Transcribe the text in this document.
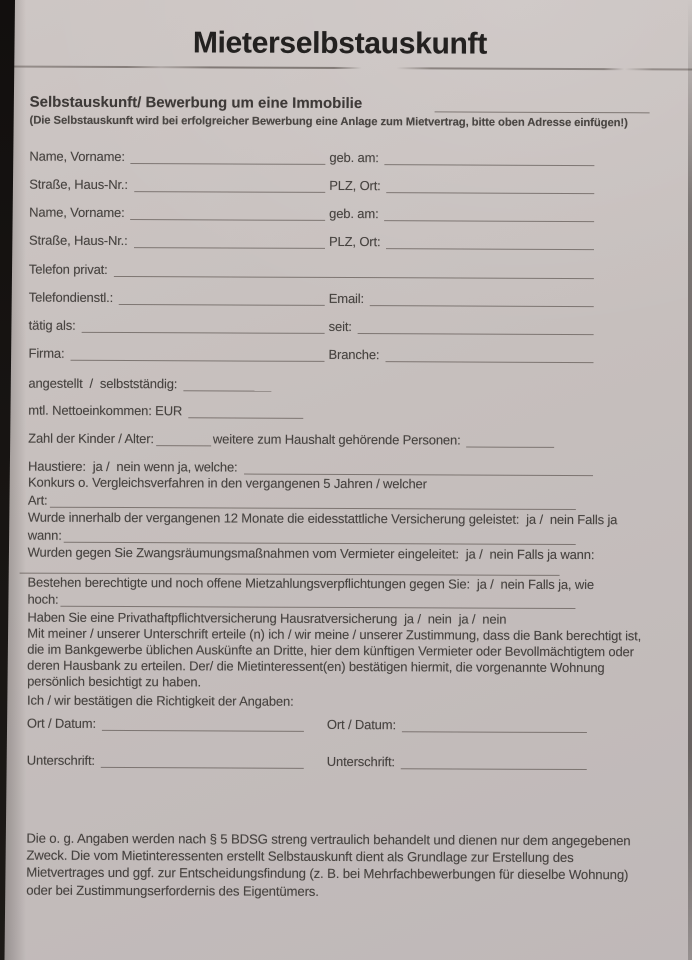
Mieterselbstauskunft
Selbstauskunft/ Bewerbung um eine Immobilie
(Die Selbstauskunft wird bei erfolgreicher Bewerbung eine Anlage zum Mietvertrag, bitte oben Adresse einfügen!)
Name, Vorname:	geb. am:
Straße, Haus-Nr.:	PLZ, Ort:
Name, Vorname:	geb. am:
Straße, Haus-Nr.:	PLZ, Ort:
Telefon privat:
Telefondienstl.:	Email:
tätig als:	seit:
Firma:	Branche:
angestellt  /  selbstständig:
mtl. Nettoeinkommen: EUR
Zahl der Kinder / Alter:	weitere zum Haushalt gehörende Personen:
Haustiere:  ja /  nein wenn ja, welche:
Konkurs o. Vergleichsverfahren in den vergangenen 5 Jahren / welcher
Art:
Wurde innerhalb der vergangenen 12 Monate die eidesstattliche Versicherung geleistet:  ja /  nein Falls ja
wann:
Wurden gegen Sie Zwangsräumungsmaßnahmen vom Vermieter eingeleitet:  ja /  nein Falls ja wann:
Bestehen berechtigte und noch offene Mietzahlungsverpflichtungen gegen Sie:  ja /  nein Falls ja, wie
hoch:
Haben Sie eine Privathaftpflichtversicherung Hausratversicherung  ja /  nein  ja /  nein
Mit meiner / unserer Unterschrift erteile (n) ich / wir meine / unserer Zustimmung, dass die Bank berechtigt ist, die im Bankgewerbe üblichen Auskünfte an Dritte, hier dem künftigen Vermieter oder Bevollmächtigtem oder deren Hausbank zu erteilen. Der/ die Mietinteressent(en) bestätigen hiermit, die vorgenannte Wohnung persönlich besichtigt zu haben.
Ich / wir bestätigen die Richtigkeit der Angaben:
Ort / Datum:	Ort / Datum:
Unterschrift:	Unterschrift:
Die o. g. Angaben werden nach § 5 BDSG streng vertraulich behandelt und dienen nur dem angegebenen Zweck. Die vom Mietinteressenten erstellt Selbstauskunft dient als Grundlage zur Erstellung des Mietvertrages und ggf. zur Entscheidungsfindung (z. B. bei Mehrfachbewerbungen für dieselbe Wohnung) oder bei Zustimmungserfordernis des Eigentümers.
